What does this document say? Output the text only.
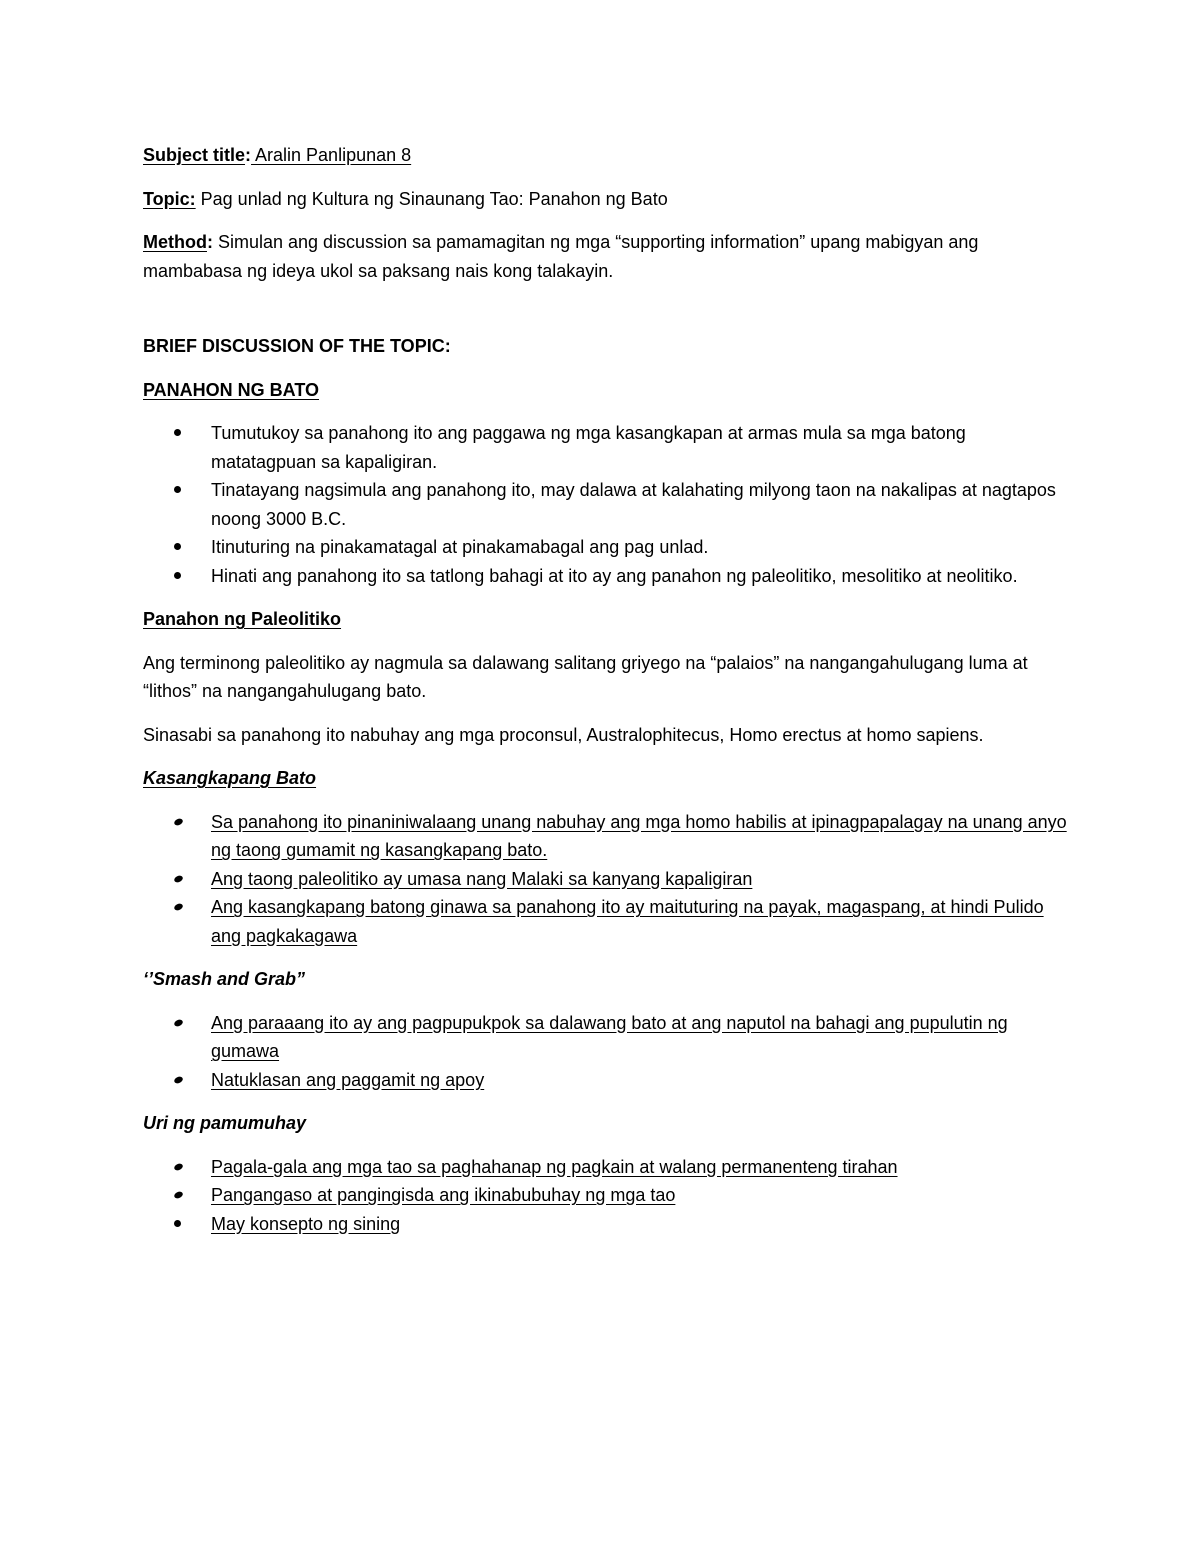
Subject title: Aralin Panlipunan 8

Topic: Pag unlad ng Kultura ng Sinaunang Tao: Panahon ng Bato

Method: Simulan ang discussion sa pamamagitan ng mga “supporting information” upang mabigyan ang mambabasa ng ideya ukol sa paksang nais kong talakayin.

BRIEF DISCUSSION OF THE TOPIC:

PANAHON NG BATO

Tumutukoy sa panahong ito ang paggawa ng mga kasangkapan at armas mula sa mga batong matatagpuan sa kapaligiran.
Tinatayang nagsimula ang panahong ito, may dalawa at kalahating milyong taon na nakalipas at nagtapos noong 3000 B.C.
Itinuturing na pinakamatagal at pinakamabagal ang pag unlad.
Hinati ang panahong ito sa tatlong bahagi at ito ay ang panahon ng paleolitiko, mesolitiko at neolitiko.

Panahon ng Paleolitiko

Ang terminong paleolitiko ay nagmula sa dalawang salitang griyego na “palaios” na nangangahulugang luma at “lithos” na nangangahulugang bato.

Sinasabi sa panahong ito nabuhay ang mga proconsul, Australophitecus, Homo erectus at homo sapiens.

Kasangkapang Bato

Sa panahong ito pinaniniwalaang unang nabuhay ang mga homo habilis at ipinagpapalagay na unang anyo ng taong gumamit ng kasangkapang bato.
Ang taong paleolitiko ay umasa nang Malaki sa kanyang kapaligiran
Ang kasangkapang batong ginawa sa panahong ito ay maituturing na payak, magaspang, at hindi Pulido ang pagkakagawa

‘’Smash and Grab”

Ang paraaang ito ay ang pagpupukpok sa dalawang bato at ang naputol na bahagi ang pupulutin ng gumawa
Natuklasan ang paggamit ng apoy

Uri ng pamumuhay

Pagala-gala ang mga tao sa paghahanap ng pagkain at walang permanenteng tirahan
Pangangaso at pangingisda ang ikinabubuhay ng mga tao
May konsepto ng sining
